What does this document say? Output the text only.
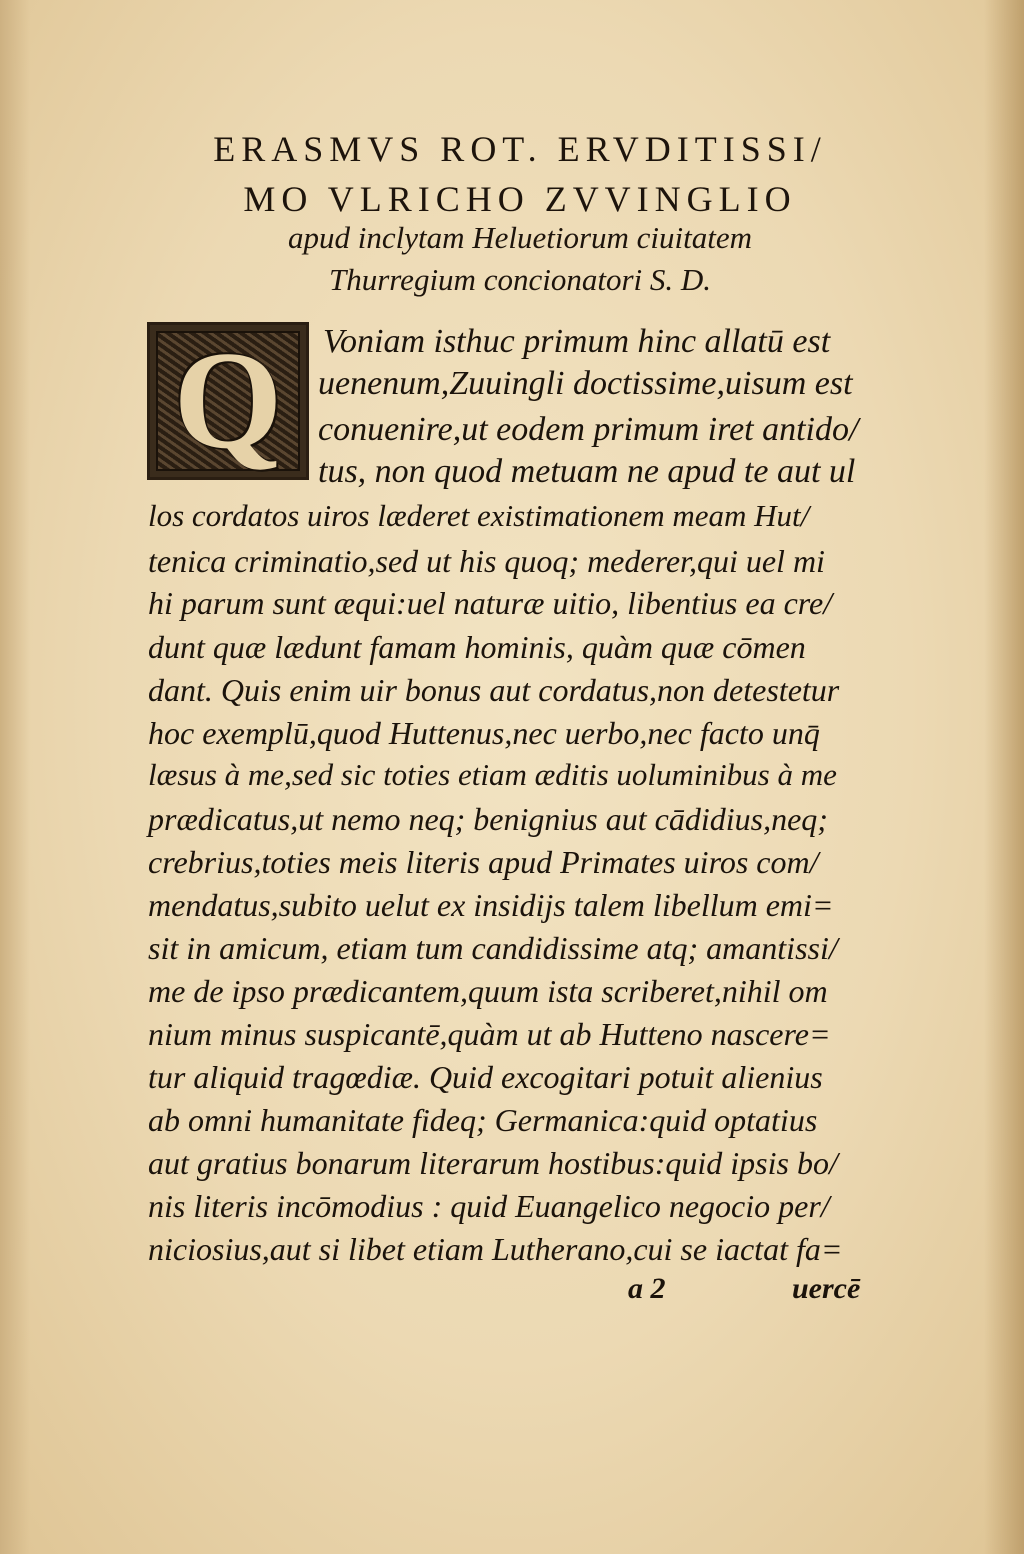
ERASMVS ROT. ERVDITISSI/
MO VLRICHO ZVVINGLIO
apud inclytam Heluetiorum ciuitatem
Thurregium concionatori S. D.
Q Voniam isthuc primum hinc allatū est
uenenum,Zuuingli doctissime,uisum est
conuenire,ut eodem primum iret antido/
tus, non quod metuam ne apud te aut ul
los cordatos uiros læderet existimationem meam Hut/
tenica criminatio,sed ut his quoq; mederer,qui uel mi
hi parum sunt æqui:uel naturæ uitio, libentius ea cre/
dunt quæ lædunt famam hominis, quàm quæ cōmen
dant. Quis enim uir bonus aut cordatus,non detestetur
hoc exemplū,quod Huttenus,nec uerbo,nec facto unq̄
læsus à me,sed sic toties etiam æditis uoluminibus à me
prædicatus,ut nemo neq; benignius aut cādidius,neq;
crebrius,toties meis literis apud Primates uiros com/
mendatus,subito uelut ex insidijs talem libellum emi=
sit in amicum, etiam tum candidissime atq; amantissi/
me de ipso prædicantem,quum ista scriberet,nihil om
nium minus suspicantē,quàm ut ab Hutteno nascere=
tur aliquid tragœdiæ. Quid excogitari potuit alienius
ab omni humanitate fideq; Germanica:quid optatius
aut gratius bonarum literarum hostibus:quid ipsis bo/
nis literis incōmodius : quid Euangelico negocio per/
niciosius,aut si libet etiam Lutherano,cui se iactat fa=
a 2	uercē
